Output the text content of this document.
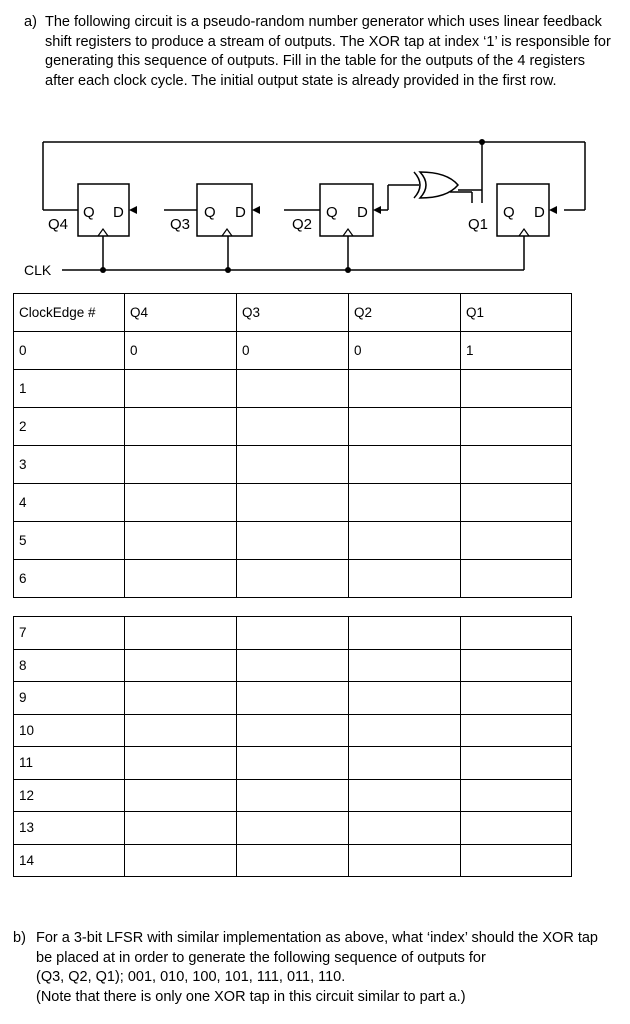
a) The following circuit is a pseudo-random number generator which uses linear feedback
shift registers to produce a stream of outputs. The XOR tap at index ‘1’ is responsible for
generating this sequence of outputs. Fill in the table for the outputs of the 4 registers
after each clock cycle. The initial output state is already provided in the first row.
Q D
Q4
Q D
Q3
Q D
Q2
Q D
Q1
CLK
ClockEdge #	Q4	Q3	Q2	Q1
0	0	0	0	1
1				
2				
3				
4				
5				
6				
7				
8				
9				
10				
11				
12				
13				
14				
b) For a 3-bit LFSR with similar implementation as above, what ‘index’ should the XOR tap
be placed at in order to generate the following sequence of outputs for
(Q3, Q2, Q1); 001, 010, 100, 101, 111, 011, 110.
(Note that there is only one XOR tap in this circuit similar to part a.)
